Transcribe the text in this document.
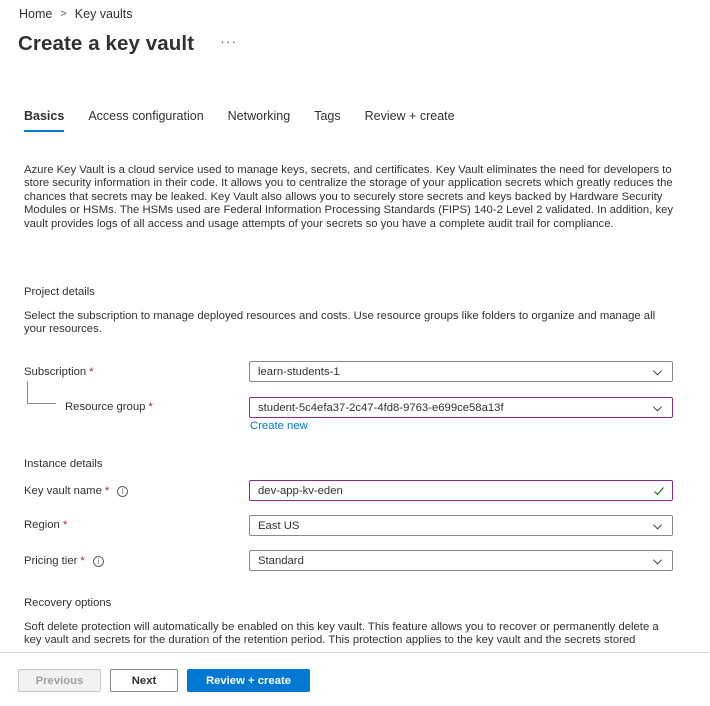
Home > Key vaults
Create a key vault ···
Basics Access configuration Networking Tags Review + create
Azure Key Vault is a cloud service used to manage keys, secrets, and certificates. Key Vault eliminates the need for developers to store security information in their code. It allows you to centralize the storage of your application secrets which greatly reduces the chances that secrets may be leaked. Key Vault also allows you to securely store secrets and keys backed by Hardware Security Modules or HSMs. The HSMs used are Federal Information Processing Standards (FIPS) 140-2 Level 2 validated. In addition, key vault provides logs of all access and usage attempts of your secrets so you have a complete audit trail for compliance.
Project details
Select the subscription to manage deployed resources and costs. Use resource groups like folders to organize and manage all your resources.
Subscription *	learn-students-1
Resource group *	student-5c4efa37-2c47-4fd8-9763-e699ce58a13f
Create new
Instance details
Key vault name *	i	dev-app-kv-eden
Region *	East US
Pricing tier *	i	Standard
Recovery options
Soft delete protection will automatically be enabled on this key vault. This feature allows you to recover or permanently delete a key vault and secrets for the duration of the retention period. This protection applies to the key vault and the secrets stored
Previous	Next	Review + create
